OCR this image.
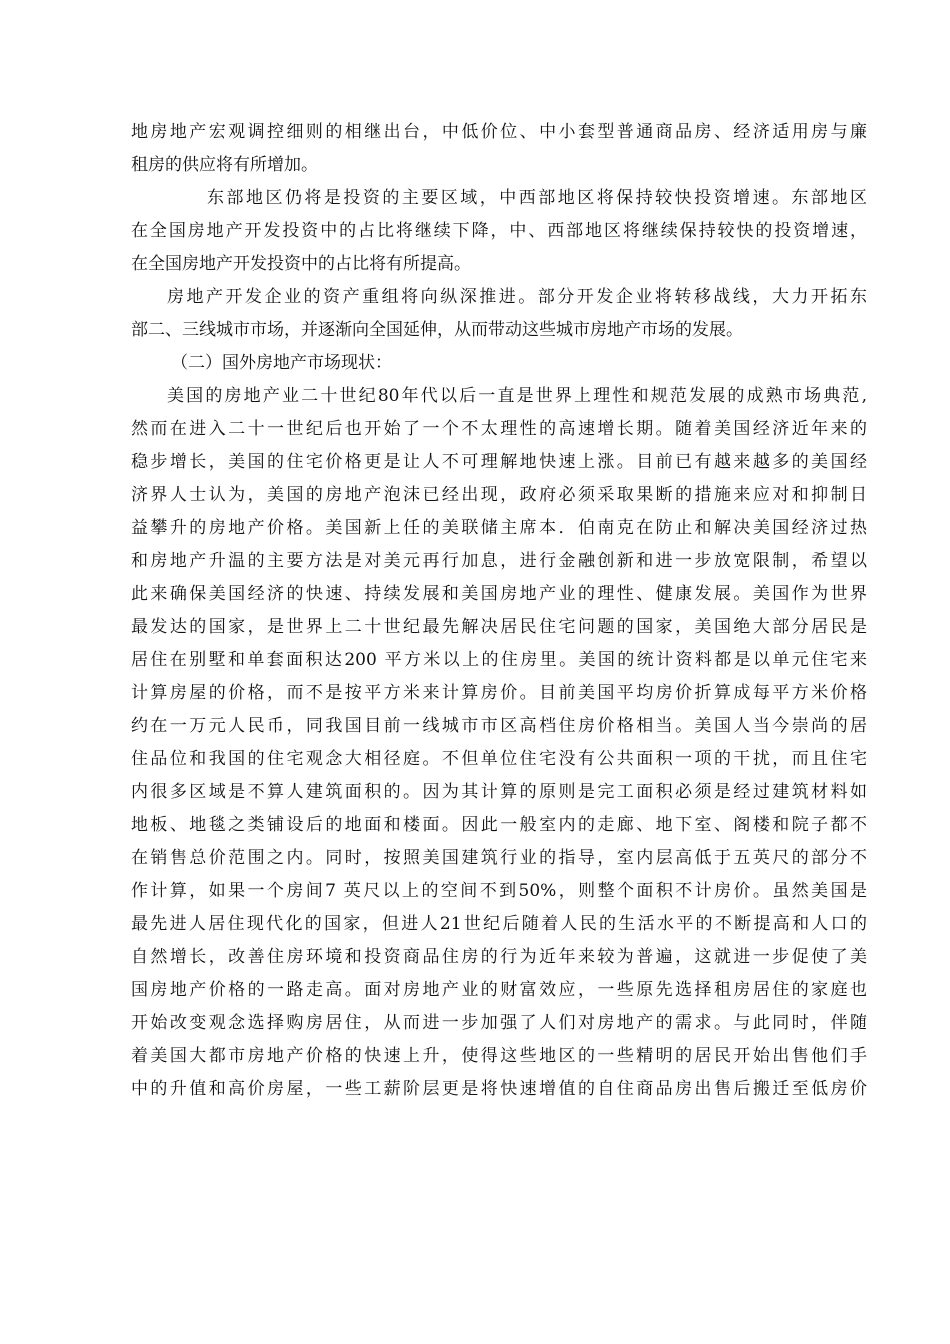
地房地产宏观调控细则的相继出台，中低价位、中小套型普通商品房、经济适用房与廉
租房的供应将有所增加。
东部地区仍将是投资的主要区域，中西部地区将保持较快投资增速。东部地区
在全国房地产开发投资中的占比将继续下降，中、西部地区将继续保持较快的投资增速，
在全国房地产开发投资中的占比将有所提高。
房地产开发企业的资产重组将向纵深推进。部分开发企业将转移战线，大力开拓东
部二、三线城市市场，并逐渐向全国延伸，从而带动这些城市房地产市场的发展。
（二）国外房地产市场现状：
美国的房地产业二十世纪80年代以后一直是世界上理性和规范发展的成熟市场典范,
然而在进入二十一世纪后也开始了一个不太理性的高速增长期。随着美国经济近年来的
稳步增长，美国的住宅价格更是让人不可理解地快速上涨。目前已有越来越多的美国经
济界人士认为，美国的房地产泡沫已经出现，政府必须采取果断的措施来应对和抑制日
益攀升的房地产价格。美国新上任的美联储主席本．伯南克在防止和解决美国经济过热
和房地产升温的主要方法是对美元再行加息，进行金融创新和进一步放宽限制，希望以
此来确保美国经济的快速、持续发展和美国房地产业的理性、健康发展。美国作为世界
最发达的国家，是世界上二十世纪最先解决居民住宅问题的国家，美国绝大部分居民是
居住在别墅和单套面积达200 平方米以上的住房里。美国的统计资料都是以单元住宅来
计算房屋的价格，而不是按平方米来计算房价。目前美国平均房价折算成每平方米价格
约在一万元人民币，同我国目前一线城市市区高档住房价格相当。美国人当今崇尚的居
住品位和我国的住宅观念大相径庭。不但单位住宅没有公共面积一项的干扰，而且住宅
内很多区域是不算人建筑面积的。因为其计算的原则是完工面积必须是经过建筑材料如
地板、地毯之类铺设后的地面和楼面。因此一般室内的走廊、地下室、阁楼和院子都不
在销售总价范围之内。同时，按照美国建筑行业的指导，室内层高低于五英尺的部分不
作计算，如果一个房间7 英尺以上的空间不到50%，则整个面积不计房价。虽然美国是
最先进人居住现代化的国家，但进人21世纪后随着人民的生活水平的不断提高和人口的
自然增长，改善住房环境和投资商品住房的行为近年来较为普遍，这就进一步促使了美
国房地产价格的一路走高。面对房地产业的财富效应，一些原先选择租房居住的家庭也
开始改变观念选择购房居住，从而进一步加强了人们对房地产的需求。与此同时，伴随
着美国大都市房地产价格的快速上升，使得这些地区的一些精明的居民开始出售他们手
中的升值和高价房屋，一些工薪阶层更是将快速增值的自住商品房出售后搬迁至低房价
